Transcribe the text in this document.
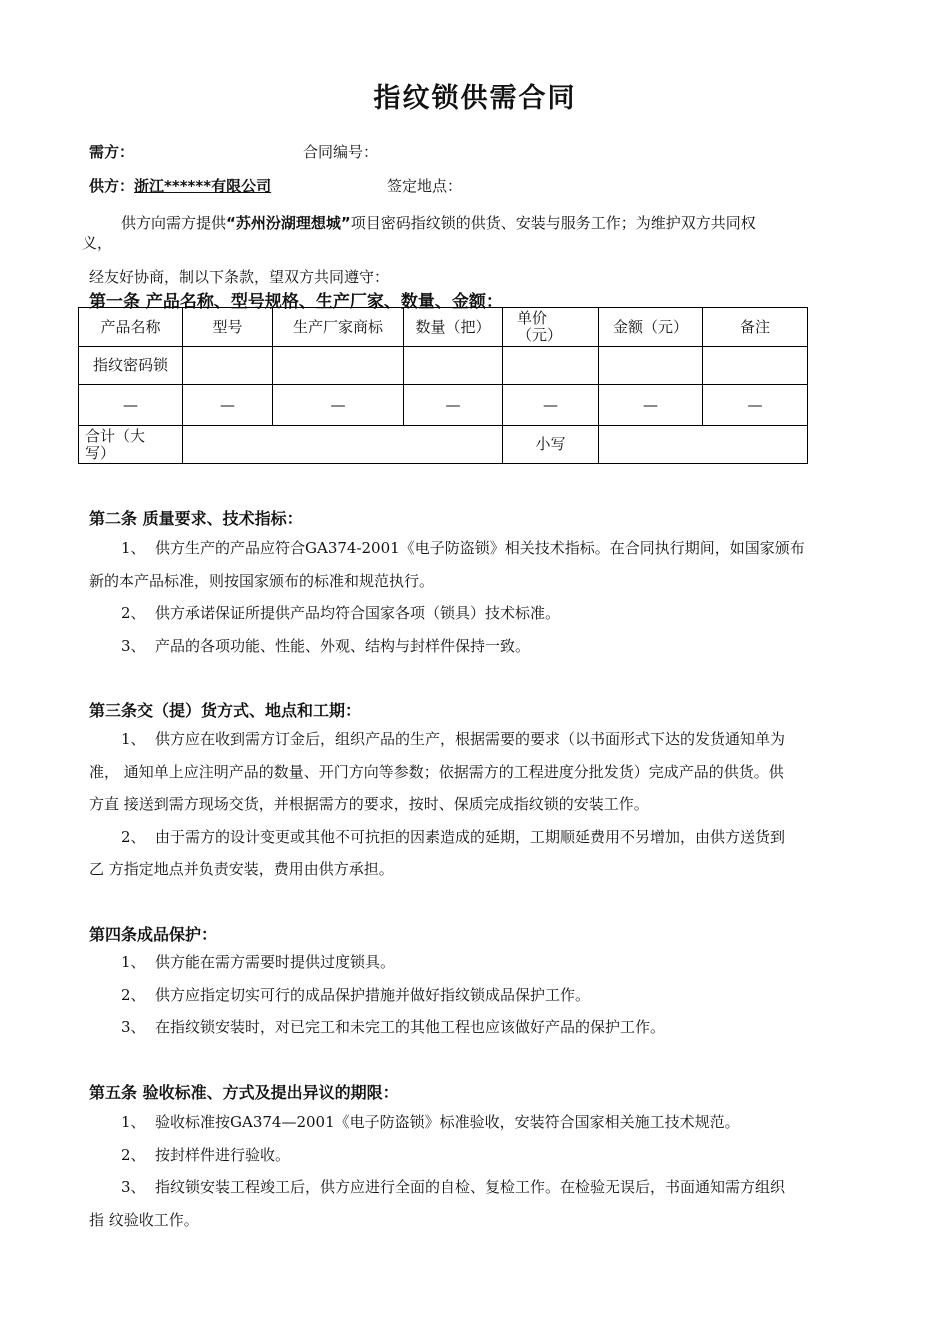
指纹锁供需合同
需方：	合同编号：
供方：浙江******有限公司	签定地点：
供方向需方提供“苏州汾湖理想城”项目密码指纹锁的供货、安装与服务工作；为维护双方共同权
义，
经友好协商，制以下条款，望双方共同遵守：
第一条 产品名称、型号规格、生产厂家、数量、金额：
产品名称	型号	生产厂家商标	数量（把）	单价（元）	金额（元）	备注
指纹密码锁						
—	—	—	—	—	—	—

合计（大写）				小写		
第二条 质量要求、技术指标：
1、 供方生产的产品应符合GA374-2001《电子防盗锁》相关技术指标。在合同执行期间，如国家颁布
新的本产品标准，则按国家颁布的标准和规范执行。
2、 供方承诺保证所提供产品均符合国家各项（锁具）技术标准。
3、 产品的各项功能、性能、外观、结构与封样件保持一致。
第三条交（提）货方式、地点和工期：
1、 供方应在收到需方订金后，组织产品的生产，根据需要的要求（以书面形式下达的发货通知单为
准， 通知单上应注明产品的数量、开门方向等参数；依据需方的工程进度分批发货）完成产品的供货。供
方直 接送到需方现场交货，并根据需方的要求，按时、保质完成指纹锁的安装工作。
2、 由于需方的设计变更或其他不可抗拒的因素造成的延期，工期顺延费用不另增加，由供方送货到
乙 方指定地点并负责安装，费用由供方承担。
第四条成品保护：
1、 供方能在需方需要时提供过度锁具。
2、 供方应指定切实可行的成品保护措施并做好指纹锁成品保护工作。
3、 在指纹锁安装时，对已完工和未完工的其他工程也应该做好产品的保护工作。
第五条 验收标准、方式及提出异议的期限：
1、 验收标准按GA374—2001《电子防盗锁》标准验收，安装符合国家相关施工技术规范。
2、 按封样件进行验收。
3、 指纹锁安装工程竣工后，供方应进行全面的自检、复检工作。在检验无误后，书面通知需方组织
指 纹验收工作。
